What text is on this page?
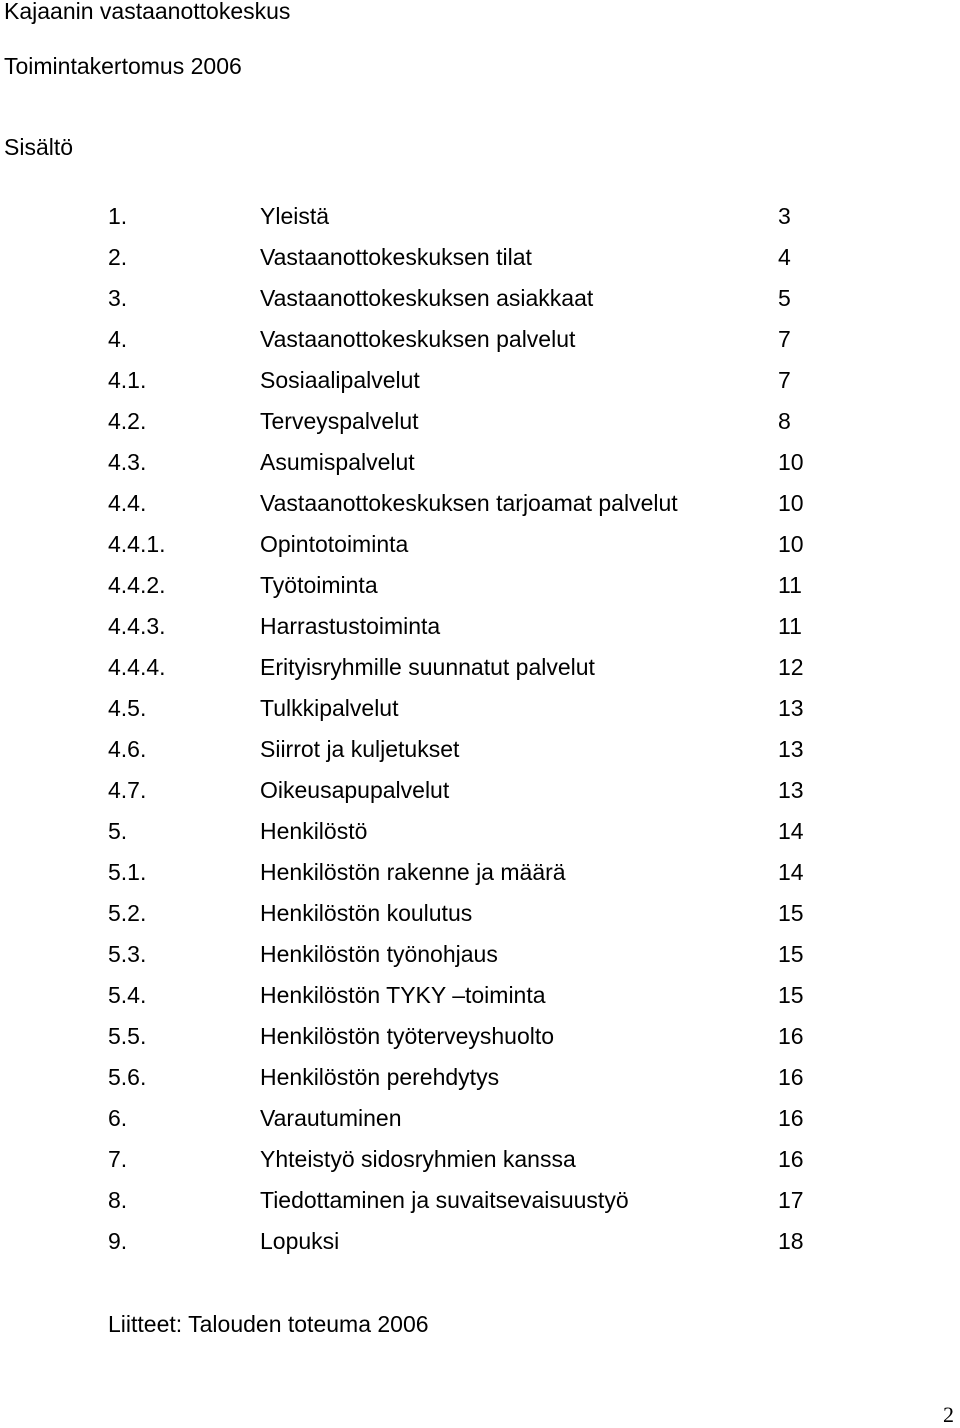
Kajaanin vastaanottokeskus
Toimintakertomus 2006
Sisältö
1.	Yleistä	3
2.	Vastaanottokeskuksen tilat	4
3.	Vastaanottokeskuksen asiakkaat	5
4.	Vastaanottokeskuksen palvelut	7
4.1.	Sosiaalipalvelut	7
4.2.	Terveyspalvelut	8
4.3.	Asumispalvelut	10
4.4.	Vastaanottokeskuksen tarjoamat palvelut	10
4.4.1.	Opintotoiminta	10
4.4.2.	Työtoiminta	11
4.4.3.	Harrastustoiminta	11
4.4.4.	Erityisryhmille suunnatut palvelut	12
4.5.	Tulkkipalvelut	13
4.6.	Siirrot ja kuljetukset	13
4.7.	Oikeusapupalvelut	13
5.	Henkilöstö	14
5.1.	Henkilöstön rakenne ja määrä	14
5.2.	Henkilöstön koulutus	15
5.3.	Henkilöstön työnohjaus	15
5.4.	Henkilöstön TYKY –toiminta	15
5.5.	Henkilöstön työterveyshuolto	16
5.6.	Henkilöstön perehdytys	16
6.	Varautuminen	16
7.	Yhteistyö sidosryhmien kanssa	16
8.	Tiedottaminen ja suvaitsevaisuustyö	17
9.	Lopuksi	18
Liitteet: Talouden toteuma 2006
2
